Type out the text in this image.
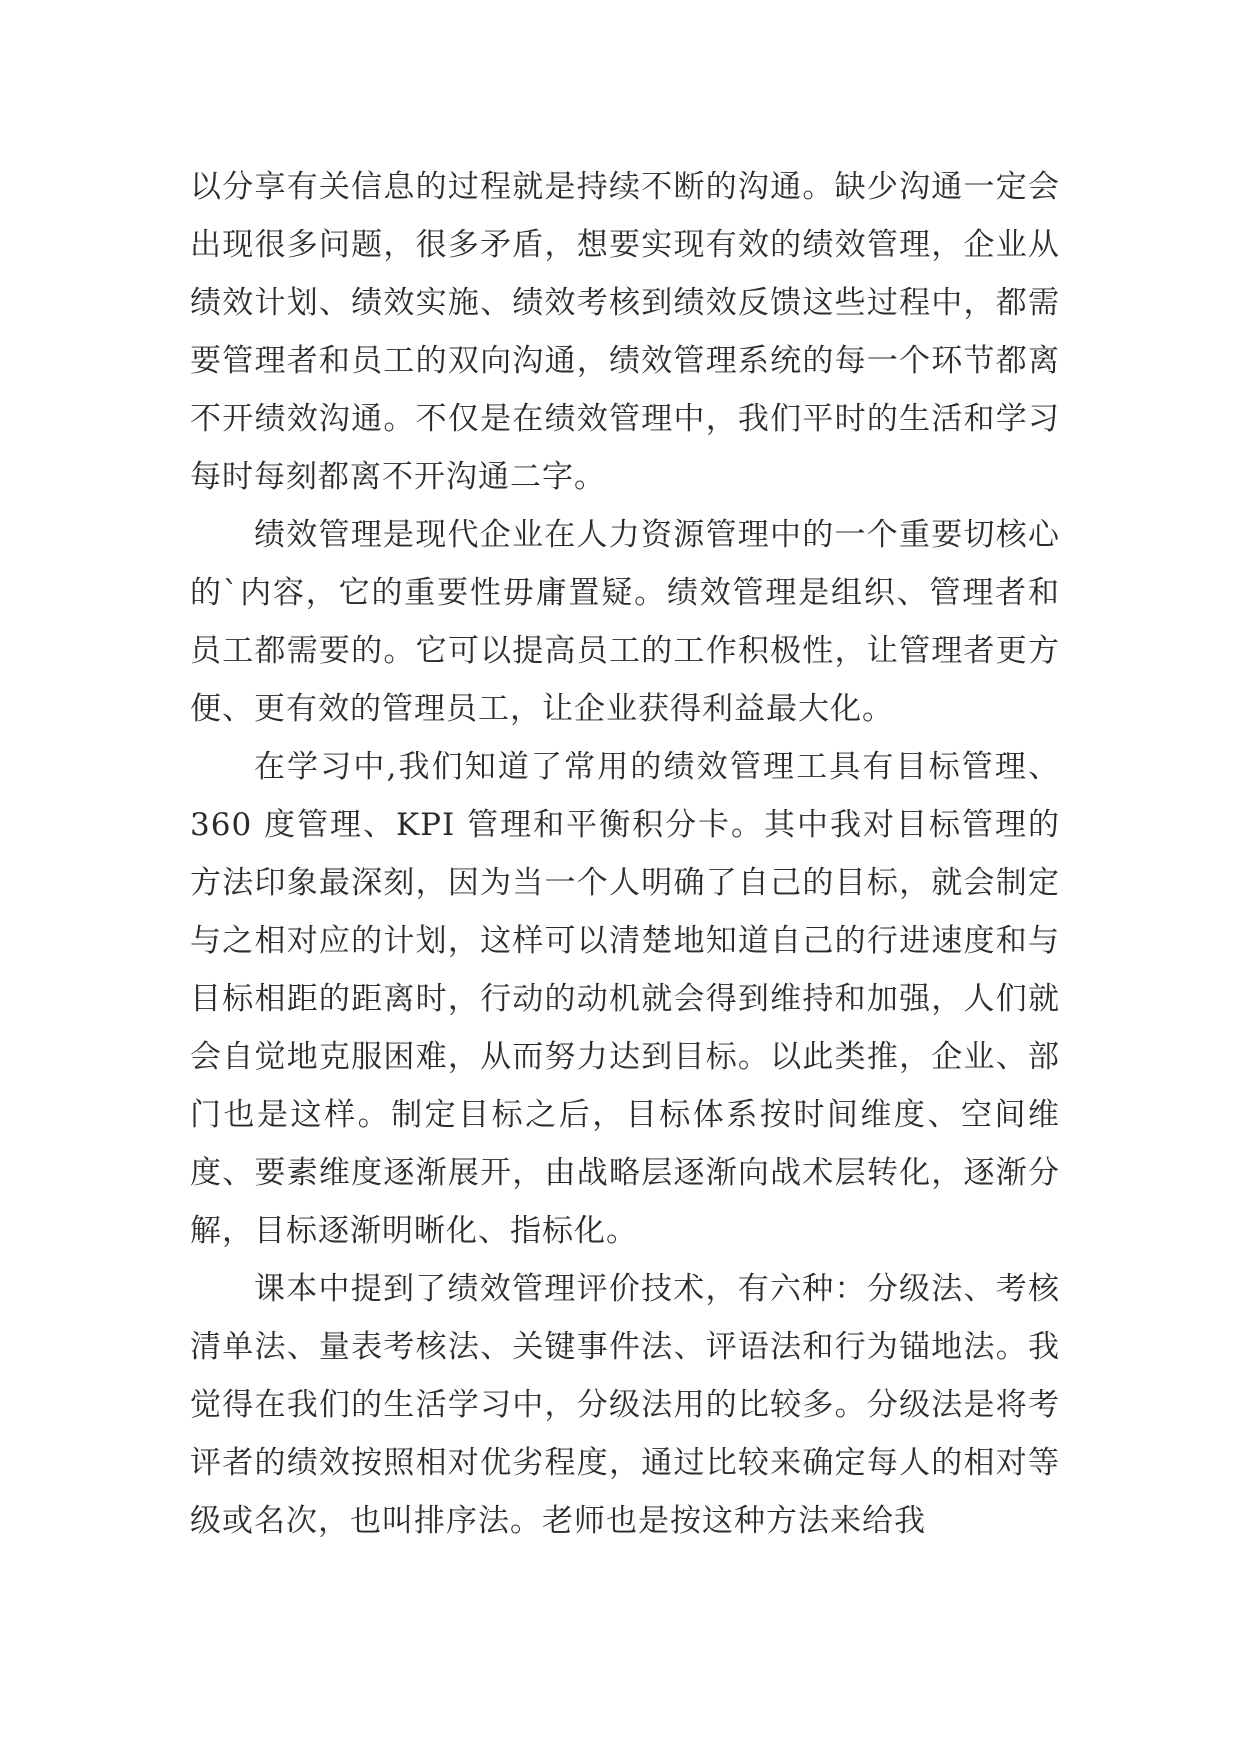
以分享有关信息的过程就是持续不断的沟通。缺少沟通一定会出现很多问题，很多矛盾，想要实现有效的绩效管理，企业从绩效计划、绩效实施、绩效考核到绩效反馈这些过程中，都需要管理者和员工的双向沟通，绩效管理系统的每一个环节都离不开绩效沟通。不仅是在绩效管理中，我们平时的生活和学习每时每刻都离不开沟通二字。

绩效管理是现代企业在人力资源管理中的一个重要切核心的`内容，它的重要性毋庸置疑。绩效管理是组织、管理者和员工都需要的。它可以提高员工的工作积极性，让管理者更方便、更有效的管理员工，让企业获得利益最大化。

在学习中,我们知道了常用的绩效管理工具有目标管理、360 度管理、KPI 管理和平衡积分卡。其中我对目标管理的方法印象最深刻，因为当一个人明确了自己的目标，就会制定与之相对应的计划，这样可以清楚地知道自己的行进速度和与目标相距的距离时，行动的动机就会得到维持和加强，人们就会自觉地克服困难，从而努力达到目标。以此类推，企业、部门也是这样。制定目标之后，目标体系按时间维度、空间维度、要素维度逐渐展开，由战略层逐渐向战术层转化，逐渐分解，目标逐渐明晰化、指标化。

课本中提到了绩效管理评价技术，有六种：分级法、考核清单法、量表考核法、关键事件法、评语法和行为锚地法。我觉得在我们的生活学习中，分级法用的比较多。分级法是将考评者的绩效按照相对优劣程度，通过比较来确定每人的相对等级或名次，也叫排序法。老师也是按这种方法来给我
